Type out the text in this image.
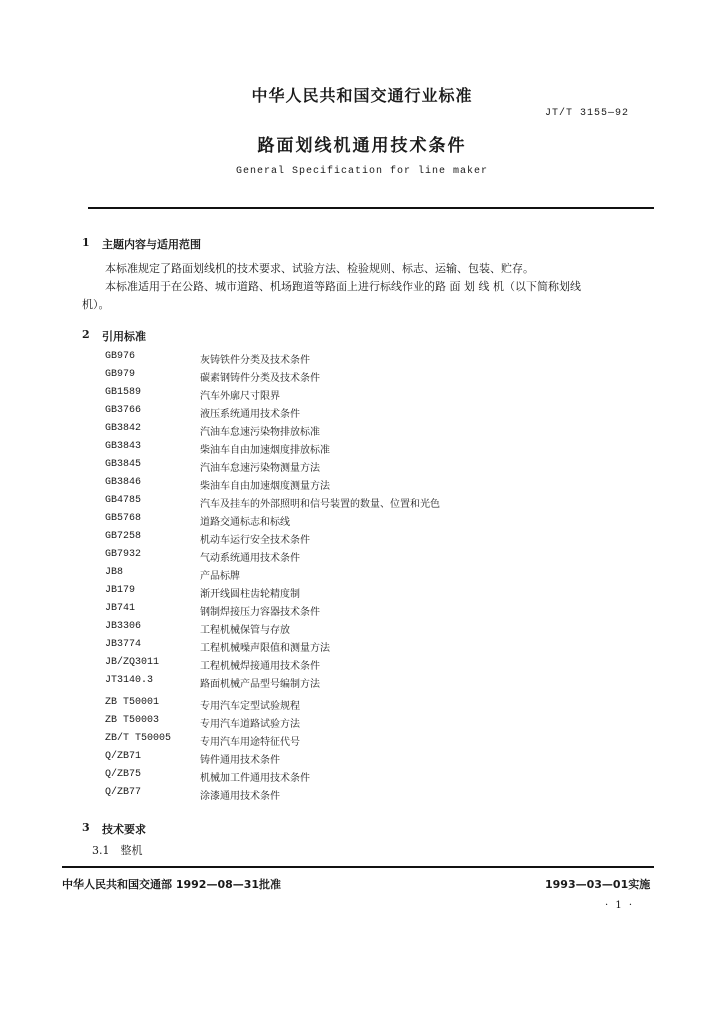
中华人民共和国交通行业标准
JT/T 3155—92
路面划线机通用技术条件
General Specification for line maker
1 主题内容与适用范围
本标准规定了路面划线机的技术要求、试验方法、检验规则、标志、运输、包装、贮存。
本标准适用于在公路、城市道路、机场跑道等路面上进行标线作业的路 面 划 线 机（以下简称划线
机）。
2 引用标准
GB976	灰铸铁件分类及技术条件
GB979	碳素钢铸件分类及技术条件
GB1589	汽车外廓尺寸限界
GB3766	液压系统通用技术条件
GB3842	汽油车怠速污染物排放标准
GB3843	柴油车自由加速烟度排放标准
GB3845	汽油车怠速污染物测量方法
GB3846	柴油车自由加速烟度测量方法
GB4785	汽车及挂车的外部照明和信号装置的数量、位置和光色
GB5768	道路交通标志和标线
GB7258	机动车运行安全技术条件
GB7932	气动系统通用技术条件
JB8	产品标牌
JB179	渐开线圆柱齿轮精度制
JB741	钢制焊接压力容器技术条件
JB3306	工程机械保管与存放
JB3774	工程机械噪声限值和测量方法
JB/ZQ3011	工程机械焊接通用技术条件
JT3140.3	路面机械产品型号编制方法
ZB T50001	专用汽车定型试验规程
ZB T50003	专用汽车道路试验方法
ZB/T T50005	专用汽车用途特征代号
Q/ZB71	铸件通用技术条件
Q/ZB75	机械加工件通用技术条件
Q/ZB77	涂漆通用技术条件
3 技术要求
3.1　整机
中华人民共和国交通部 1992—08—31批准	1993—03—01实施
· 1 ·
